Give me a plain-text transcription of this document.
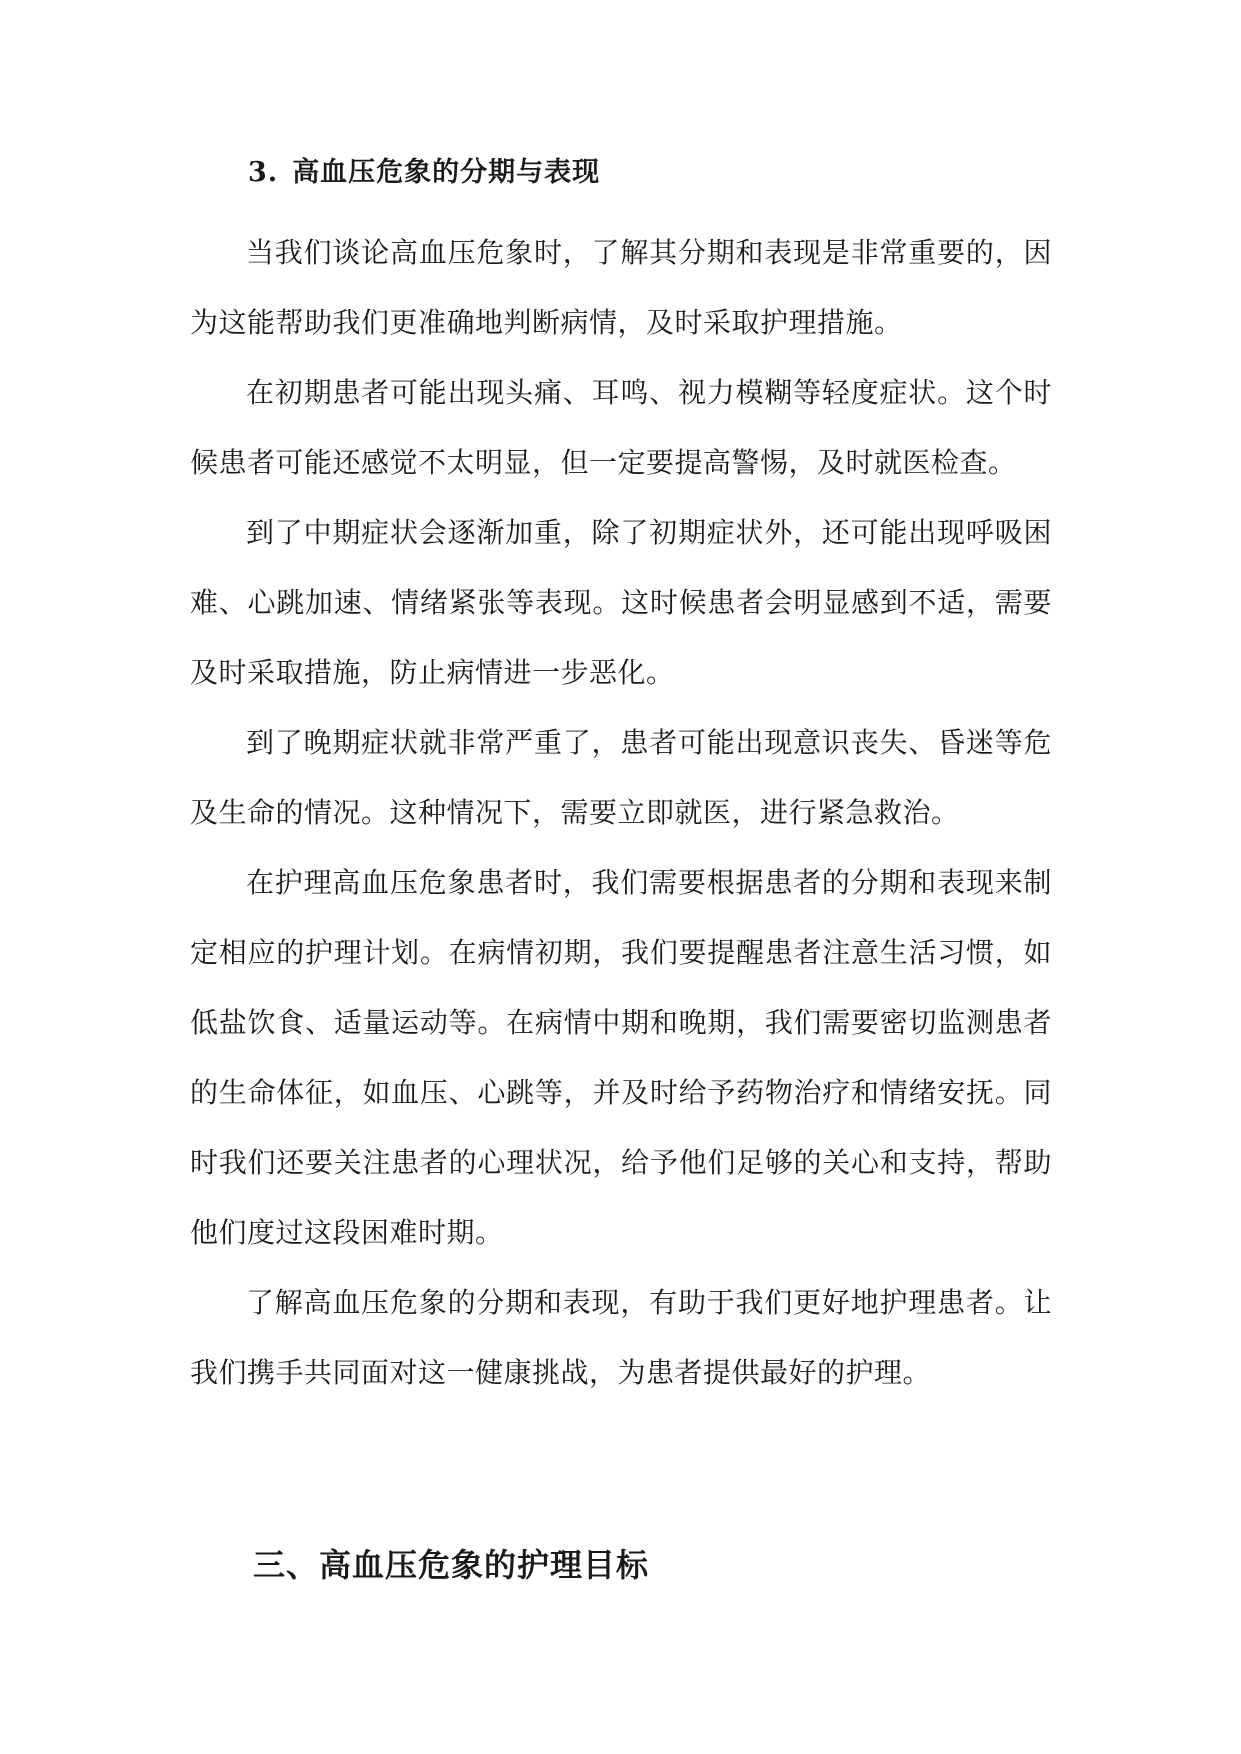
3. 高血压危象的分期与表现

当我们谈论高血压危象时，了解其分期和表现是非常重要的，因为这能帮助我们更准确地判断病情，及时采取护理措施。

在初期患者可能出现头痛、耳鸣、视力模糊等轻度症状。这个时候患者可能还感觉不太明显，但一定要提高警惕，及时就医检查。

到了中期症状会逐渐加重，除了初期症状外，还可能出现呼吸困难、心跳加速、情绪紧张等表现。这时候患者会明显感到不适，需要及时采取措施，防止病情进一步恶化。

到了晚期症状就非常严重了，患者可能出现意识丧失、昏迷等危及生命的情况。这种情况下，需要立即就医，进行紧急救治。

在护理高血压危象患者时，我们需要根据患者的分期和表现来制定相应的护理计划。在病情初期，我们要提醒患者注意生活习惯，如低盐饮食、适量运动等。在病情中期和晚期，我们需要密切监测患者的生命体征，如血压、心跳等，并及时给予药物治疗和情绪安抚。同时我们还要关注患者的心理状况，给予他们足够的关心和支持，帮助他们度过这段困难时期。

了解高血压危象的分期和表现，有助于我们更好地护理患者。让我们携手共同面对这一健康挑战，为患者提供最好的护理。

三、高血压危象的护理目标
